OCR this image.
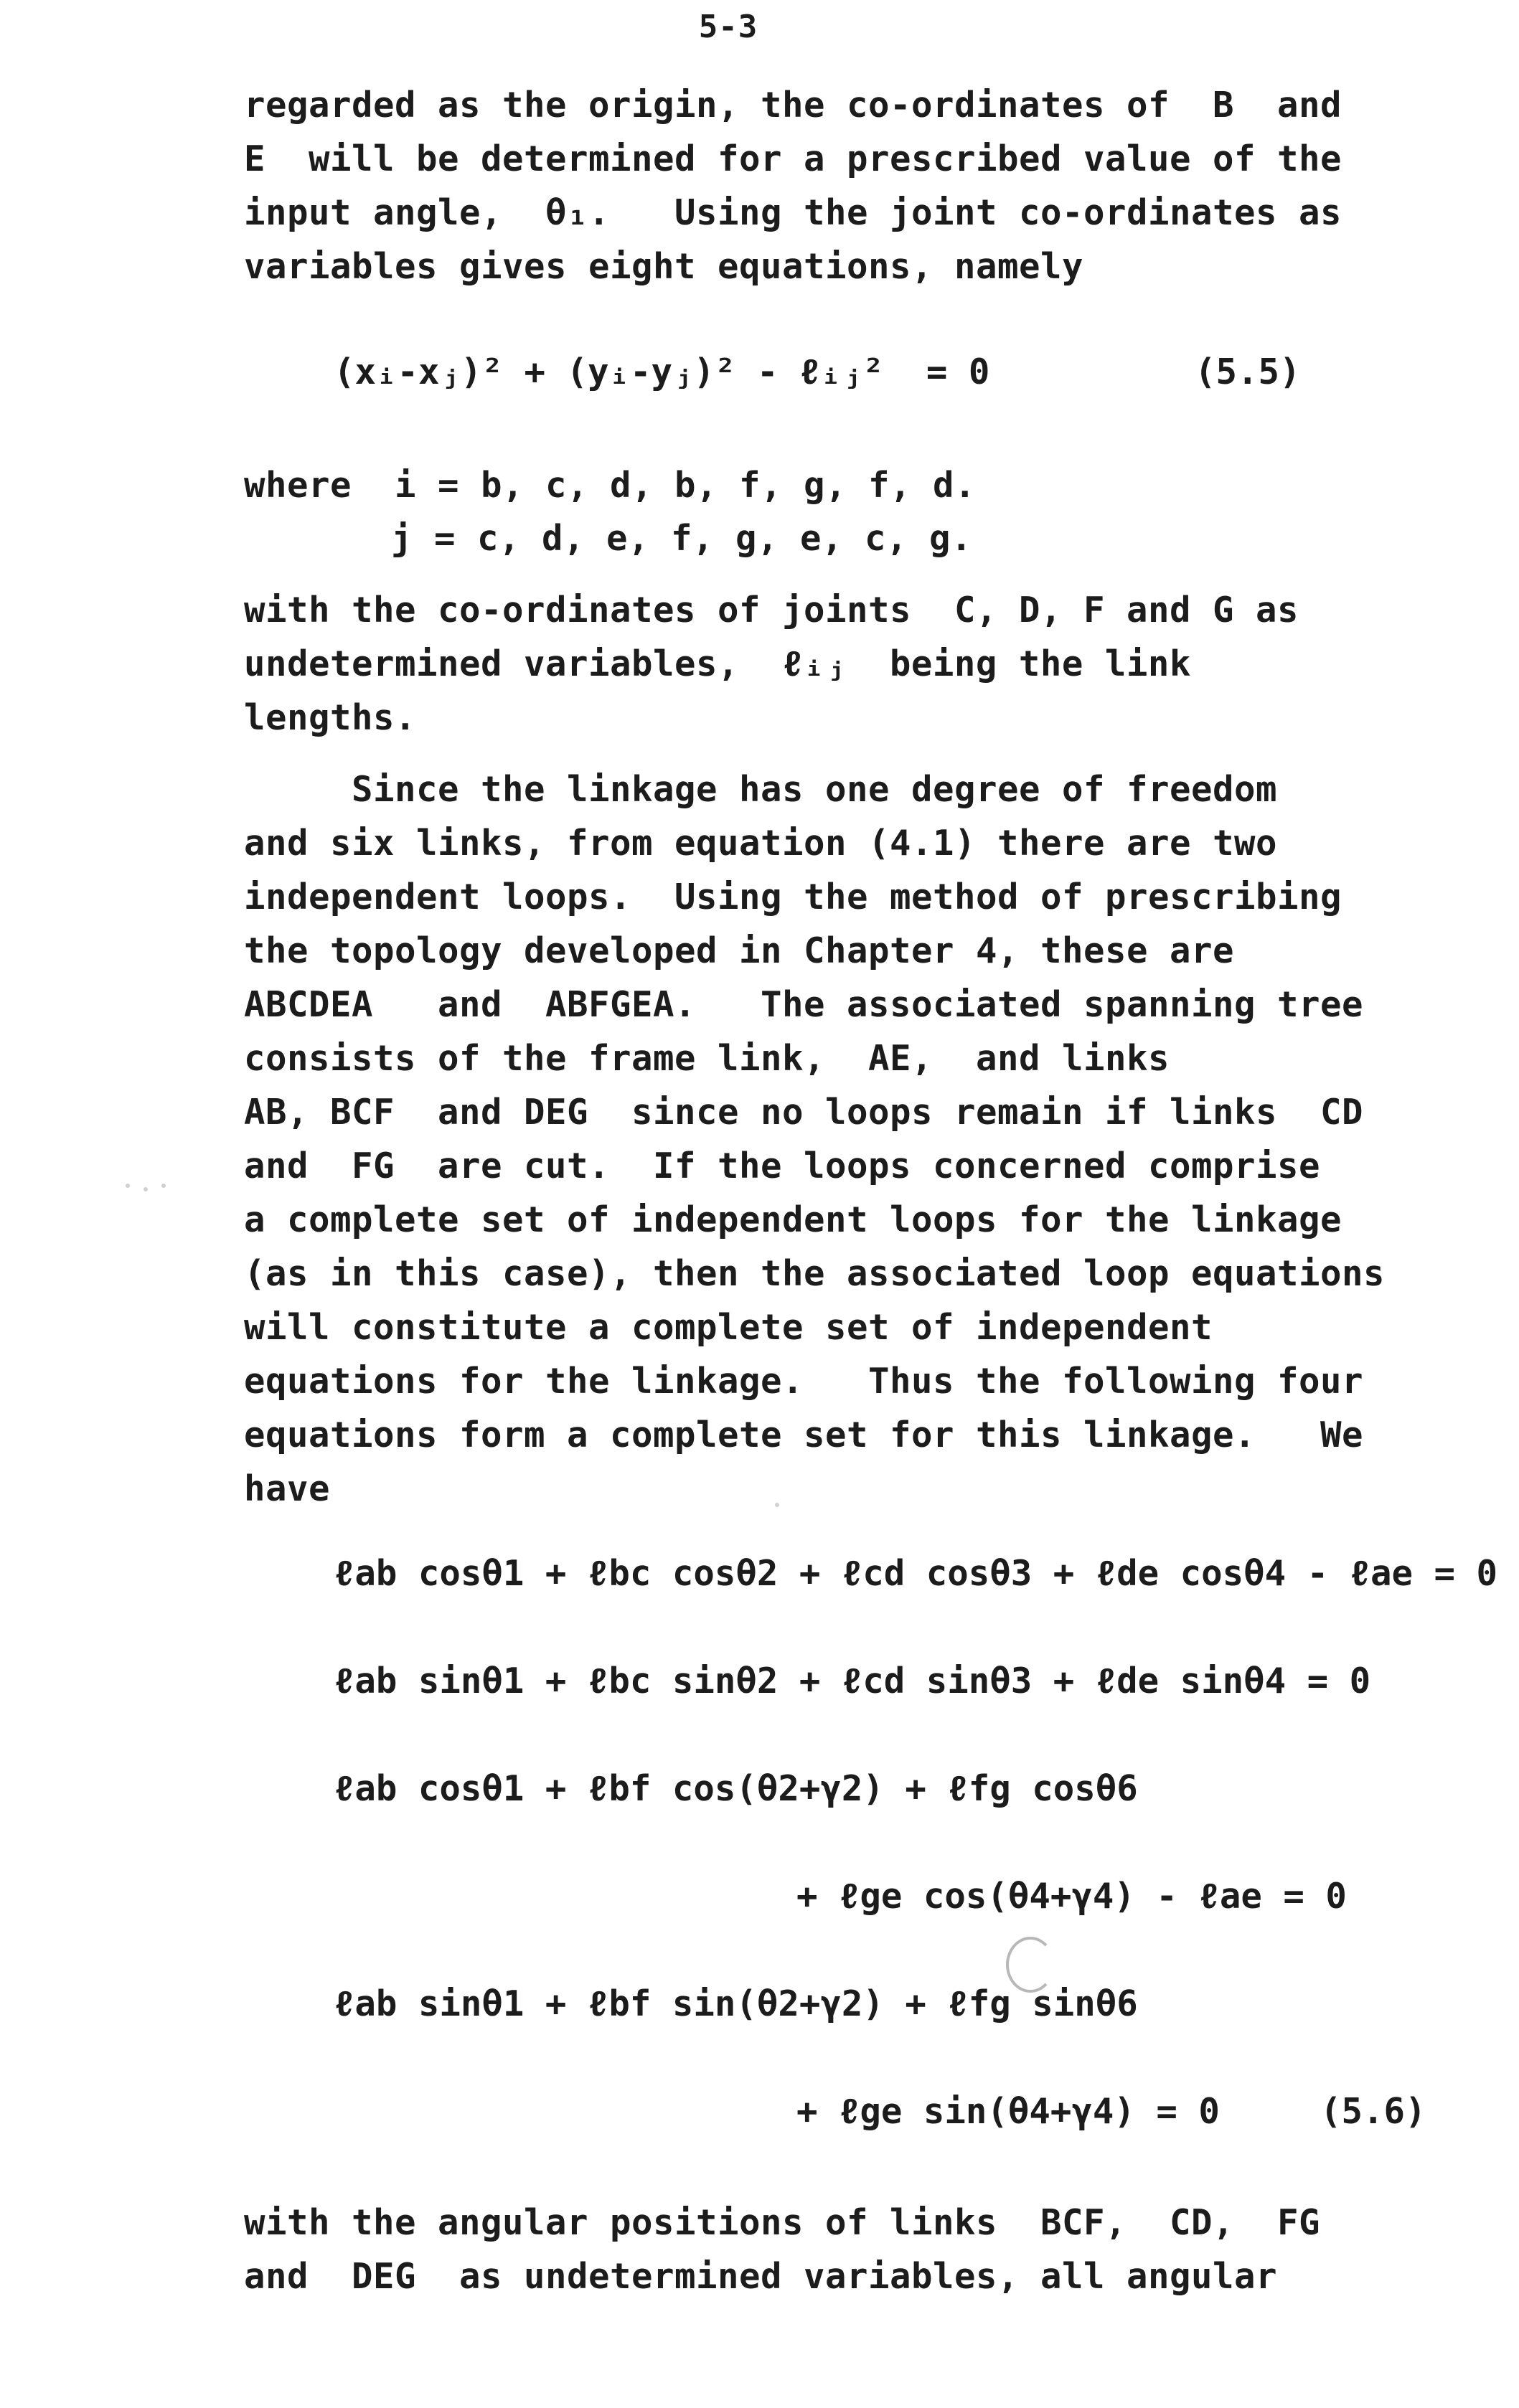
5-3
regarded as the origin, the co-ordinates of  B  and
E  will be determined for a prescribed value of the
input angle,  θ₁.   Using the joint co-ordinates as
variables gives eight equations, namely
(xᵢ-xⱼ)² + (yᵢ-yⱼ)² - ℓᵢⱼ²  = 0	(5.5)
where  i = b, c, d, b, f, g, f, d.
j = c, d, e, f, g, e, c, g.
with the co-ordinates of joints  C, D, F and G as
undetermined variables,  ℓᵢⱼ  being the link
lengths.
Since the linkage has one degree of freedom
and six links, from equation (4.1) there are two
independent loops.  Using the method of prescribing
the topology developed in Chapter 4, these are
ABCDEA   and  ABFGEA.   The associated spanning tree
consists of the frame link,  AE,  and links
AB, BCF  and DEG  since no loops remain if links  CD
and  FG  are cut.  If the loops concerned comprise
a complete set of independent loops for the linkage
(as in this case), then the associated loop equations
will constitute a complete set of independent
equations for the linkage.   Thus the following four
equations form a complete set for this linkage.   We
have
ℓab cosθ1 + ℓbc cosθ2 + ℓcd cosθ3 + ℓde cosθ4 - ℓae = 0
ℓab sinθ1 + ℓbc sinθ2 + ℓcd sinθ3 + ℓde sinθ4 = 0
ℓab cosθ1 + ℓbf cos(θ2+γ2) + ℓfg cosθ6
+ ℓge cos(θ4+γ4) - ℓae = 0
ℓab sinθ1 + ℓbf sin(θ2+γ2) + ℓfg sinθ6
+ ℓge sin(θ4+γ4) = 0	(5.6)
with the angular positions of links  BCF,  CD,  FG
and  DEG  as undetermined variables, all angular
